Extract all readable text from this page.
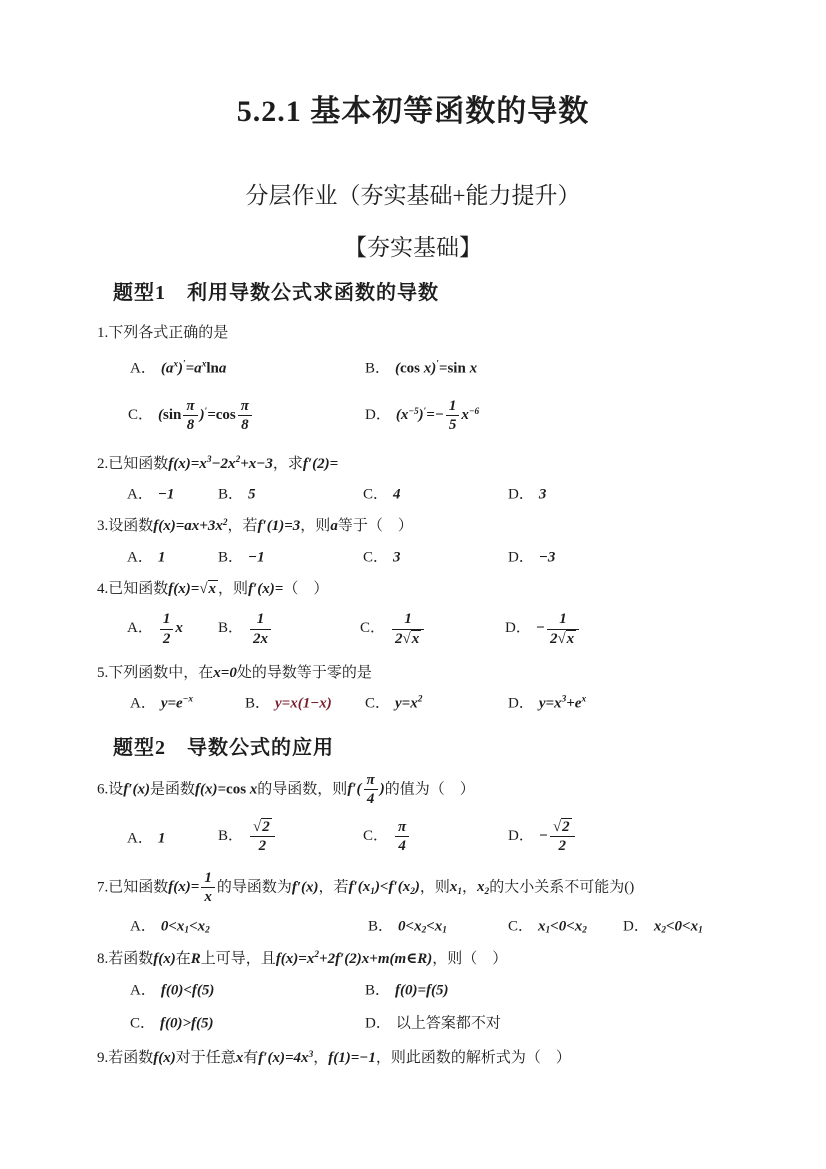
5.2.1 基本初等函数的导数
分层作业（夯实基础+能力提升）
【夯实基础】
题型1　利用导数公式求函数的导数
1.下列各式正确的是
A． $(a^x)'=a^x\ln a$	B． (cos x)′=sin x
C． $(\sin \frac{\pi}{8} )'=\cos \frac{\pi}{8}$	D． $(x^{-5})'=- \frac{1}{5} x^{-6}$
2.已知函数$f(x)=x^3-2x^2+x-3$，求f′(2)=
A． −1	B． 5	C． 4	D． 3
3.设函数$f(x)=ax+3x^2$，若f′(1)=3，则a等于（　）
A． 1	B． −1	C． 3	D． −3
4.已知函数f(x)=√x ，则f′(x)=（　）
A． $\frac{1}{2}$ x B． $\frac{1}{2x}$	C． $\frac{1}{2√x}$	D． − $\frac{1}{2√x}$
5.下列函数中，在x=0处的导数等于零的是
A． $y=e^{-x}$	B． y=x(1−x) C． $y=x^2$	D． $y=x^3+e^x$
题型2　导数公式的应用
6.设f′(x)是函数f(x)=cos x的导函数，则$f'( \frac{\pi}{4}$ )的值为（　）
A． 1	B． $\frac{√2}{2}$	C． $\frac{\pi}{4}$	D． − $\frac{√2}{2}$
7.已知函数$f(x)= \frac{1}{x}$ 的导函数为f′(x)，若$f'(x_1)<f'(x_2)$，则$x_1$，$x_2$的大小关系不可能为()
A． $0<x_1<x_2$	B． $0<x_2<x_1$	C． $x_1<0<x_2$ D． $x_2<0<x_1$
8.若函数f(x)在R上可导，且$f(x)=x^2+2f'(2)x+m(m\in R)$，则（　）
A． f(0)<f(5)	B． f(0)=f(5)
C． f(0)>f(5)	D． 以上答案都不对
9.若函数f(x)对于任意x有$f'(x)=4x^3$，f(1)=−1，则此函数的解析式为（　）
